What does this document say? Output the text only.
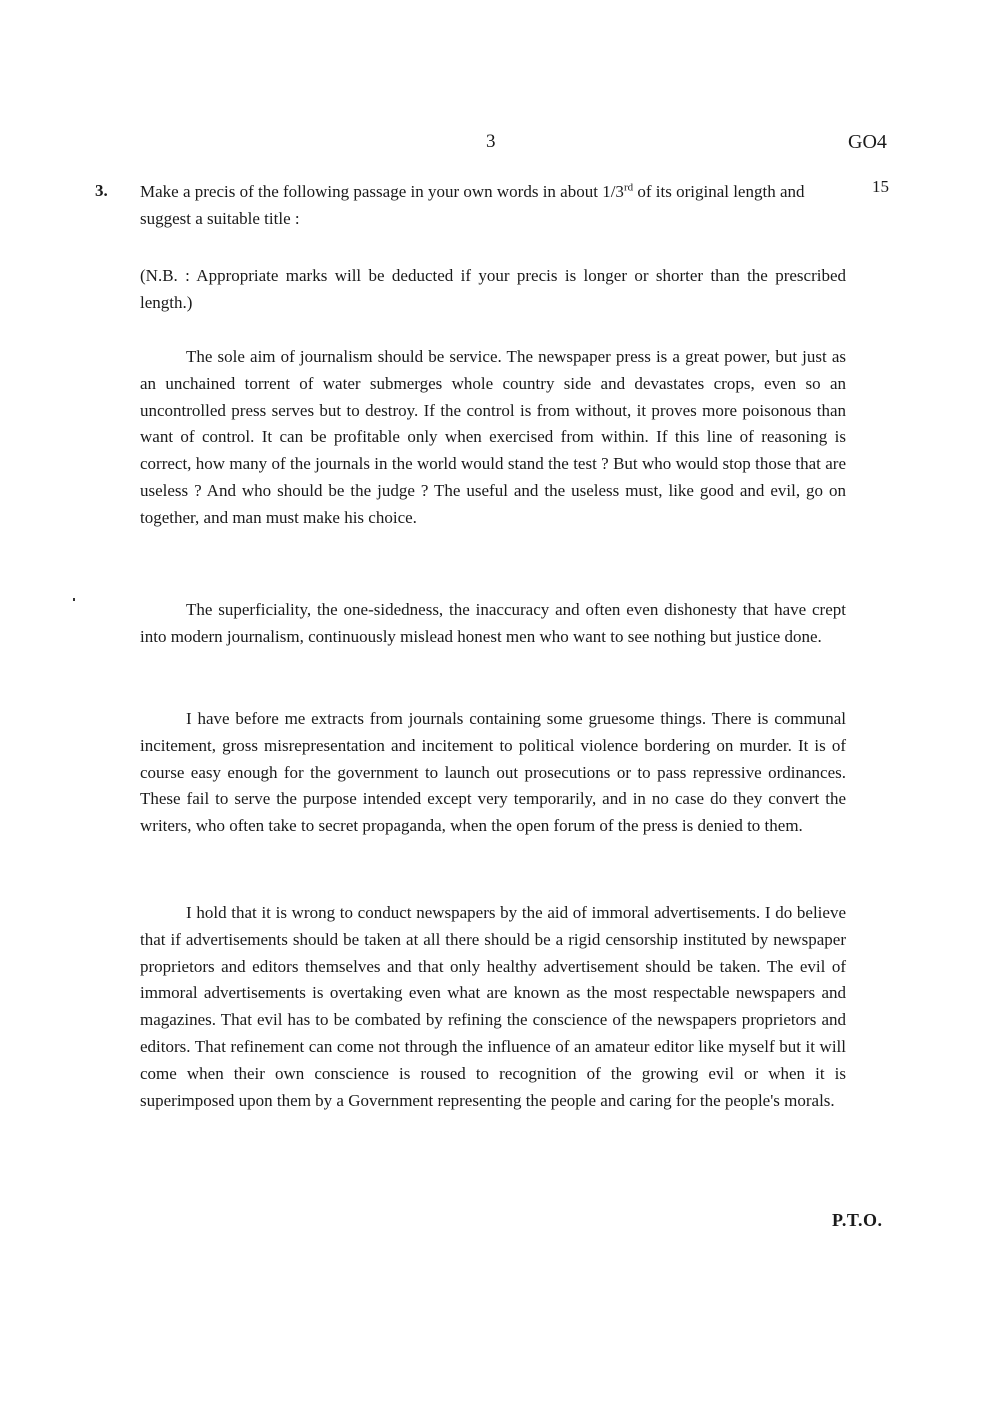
3	GO4
3.	15
Make a precis of the following passage in your own words in about 1/3rd of its original length and suggest a suitable title :
(N.B. : Appropriate marks will be deducted if your precis is longer or shorter than the prescribed length.)

The sole aim of journalism should be service. The newspaper press is a great power, but just as an unchained torrent of water submerges whole country side and devastates crops, even so an uncontrolled press serves but to destroy. If the control is from without, it proves more poisonous than want of control. It can be profitable only when exercised from within. If this line of reasoning is correct, how many of the journals in the world would stand the test ? But who would stop those that are useless ? And who should be the judge ? The useful and the useless must, like good and evil, go on together, and man must make his choice.

The superficiality, the one-sidedness, the inaccuracy and often even dishonesty that have crept into modern journalism, continuously mislead honest men who want to see nothing but justice done.

I have before me extracts from journals containing some gruesome things. There is communal incitement, gross misrepresentation and incitement to political violence bordering on murder. It is of course easy enough for the government to launch out prosecutions or to pass repressive ordinances. These fail to serve the purpose intended except very temporarily, and in no case do they convert the writers, who often take to secret propaganda, when the open forum of the press is denied to them.

I hold that it is wrong to conduct newspapers by the aid of immoral advertisements. I do believe that if advertisements should be taken at all there should be a rigid censorship instituted by newspaper proprietors and editors themselves and that only healthy advertisement should be taken. The evil of immoral advertisements is overtaking even what are known as the most respectable newspapers and magazines. That evil has to be combated by refining the conscience of the newspapers proprietors and editors. That refinement can come not through the influence of an amateur editor like myself but it will come when their own conscience is roused to recognition of the growing evil or when it is superimposed upon them by a Government representing the people and caring for the people's morals.

P.T.O.
